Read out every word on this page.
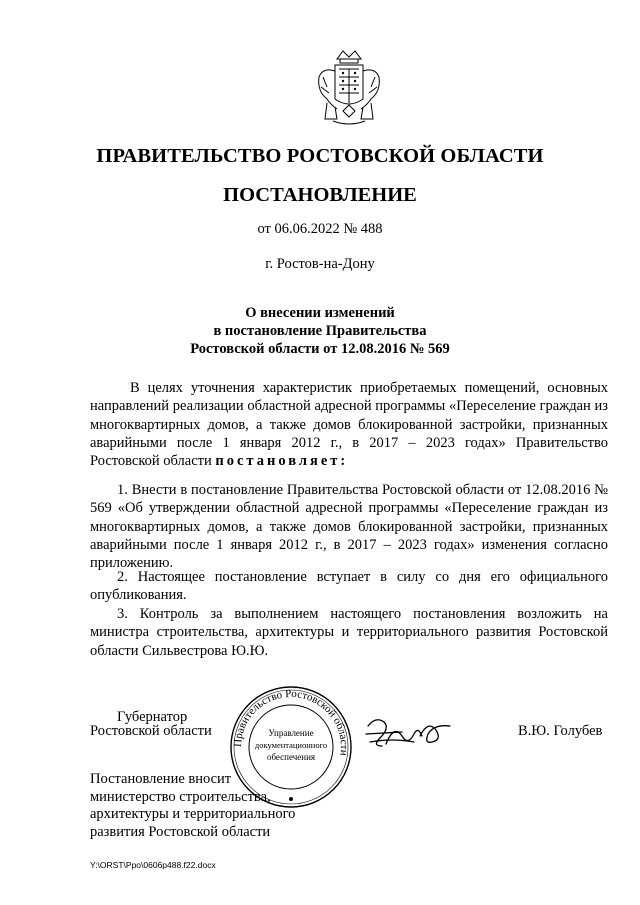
ПРАВИТЕЛЬСТВО РОСТОВСКОЙ ОБЛАСТИ
ПОСТАНОВЛЕНИЕ
от 06.06.2022 № 488
г. Ростов-на-Дону
О внесении изменений
в постановление Правительства
Ростовской области от 12.08.2016 № 569
В целях уточнения характеристик приобретаемых помещений, основных направлений реализации областной адресной программы «Переселение граждан из многоквартирных домов, а также домов блокированной застройки, признанных аварийными после 1 января 2012 г., в 2017 – 2023 годах» Правительство Ростовской области постановляет:
1. Внести в постановление Правительства Ростовской области от 12.08.2016 № 569 «Об утверждении областной адресной программы «Переселение граждан из многоквартирных домов, а также домов блокированной застройки, признанных аварийными после 1 января 2012 г., в 2017 – 2023 годах» изменения согласно приложению.
2. Настоящее постановление вступает в силу со дня его официального опубликования.
3. Контроль за выполнением настоящего постановления возложить на министра строительства, архитектуры и территориального развития Ростовской области Сильвестрова Ю.Ю.
Губернатор
Ростовской области
Правительство Ростовской области
Управление
документационного
обеспечения
В.Ю. Голубев
Постановление вносит
министерство строительства,
архитектуры и территориального
развития Ростовской области
Y:\ORST\Ppo\0606p488.f22.docx
